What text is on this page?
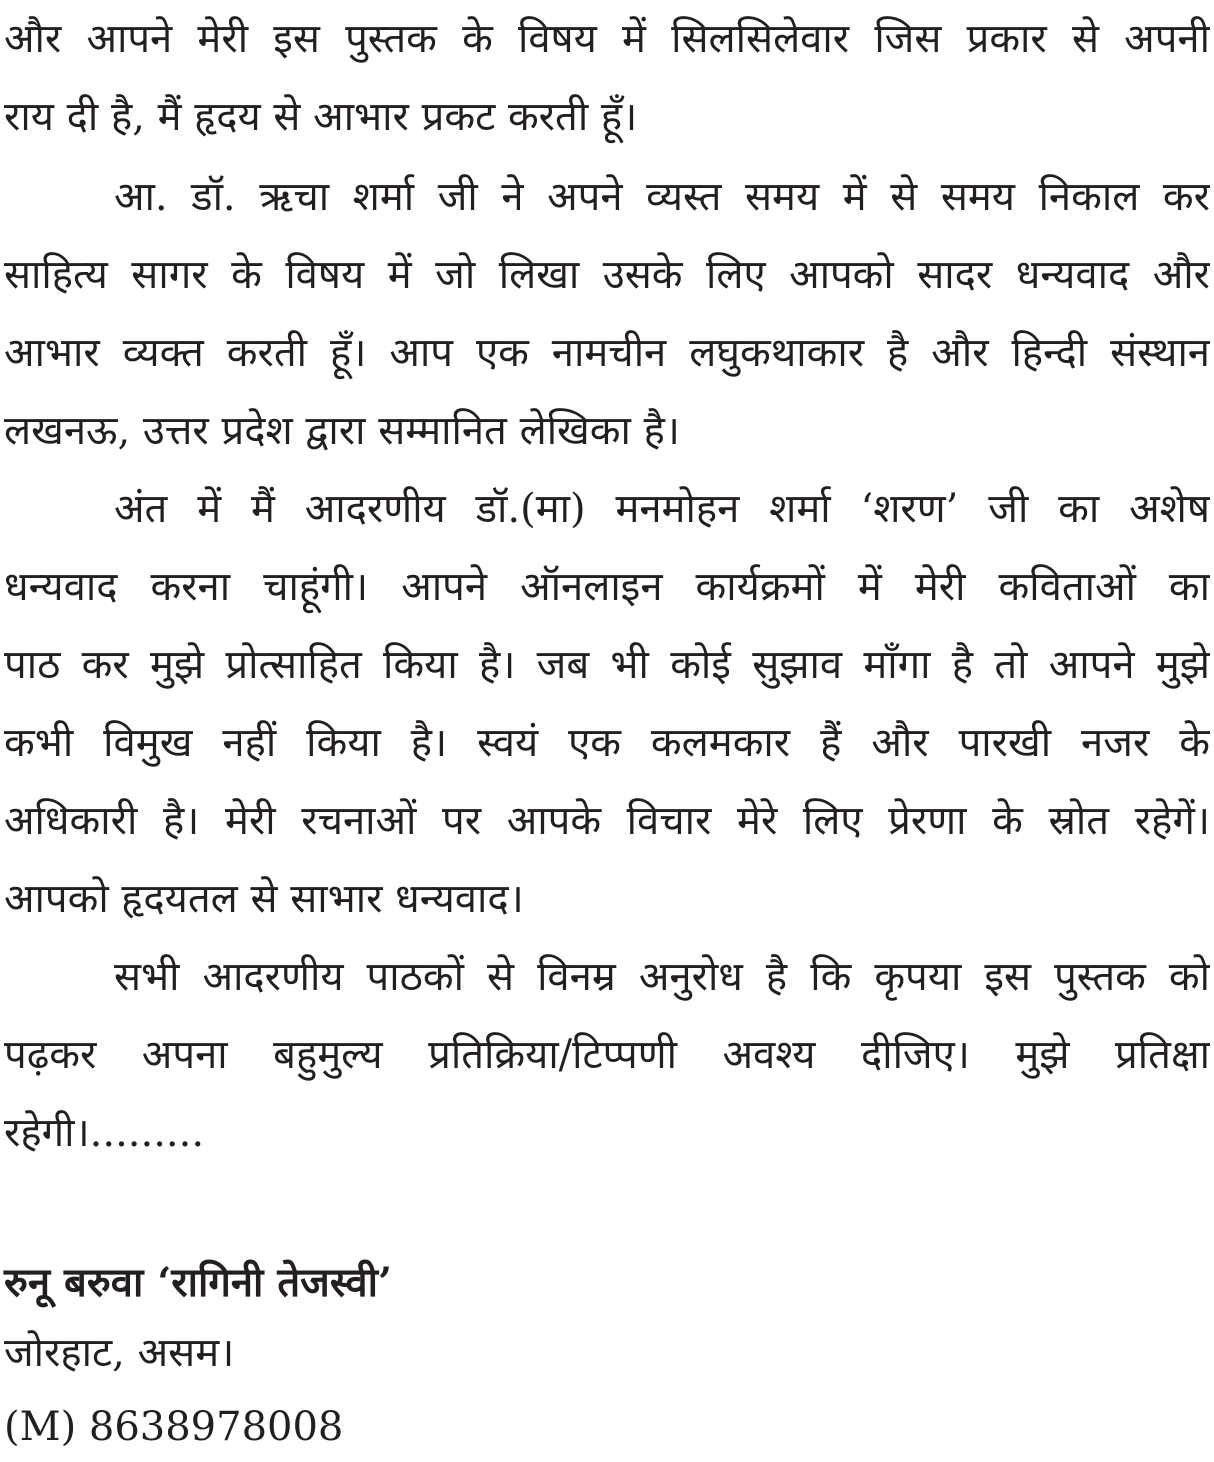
और आपने मेरी इस पुस्तक के विषय में सिलसिलेवार जिस प्रकार से अपनी
राय दी है, मैं हृदय से आभार प्रकट करती हूँ।
आ. डॉ. ऋचा शर्मा जी ने अपने व्यस्त समय में से समय निकाल कर
साहित्य सागर के विषय में जो लिखा उसके लिए आपको सादर धन्यवाद और
आभार व्यक्त करती हूँ। आप एक नामचीन लघुकथाकार है और हिन्दी संस्थान
लखनऊ, उत्तर प्रदेश द्वारा सम्मानित लेखिका है।
अंत में मैं आदरणीय डॉ.(मा) मनमोहन शर्मा ‘शरण’ जी का अशेष
धन्यवाद करना चाहूंगी। आपने ऑनलाइन कार्यक्रमों में मेरी कविताओं का
पाठ कर मुझे प्रोत्साहित किया है। जब भी कोई सुझाव माँगा है तो आपने मुझे
कभी विमुख नहीं किया है। स्वयं एक कलमकार हैं और पारखी नजर के
अधिकारी है। मेरी रचनाओं पर आपके विचार मेरे लिए प्रेरणा के स्रोत रहेगें।
आपको हृदयतल से साभार धन्यवाद।
सभी आदरणीय पाठकों से विनम्र अनुरोध है कि कृपया इस पुस्तक को
पढ़कर अपना बहुमुल्य प्रतिक्रिया/टिप्पणी अवश्य दीजिए। मुझे प्रतिक्षा
रहेगी।.........
रुनू बरुवा ‘रागिनी तेजस्वी’
जोरहाट, असम।
(M) 8638978008
